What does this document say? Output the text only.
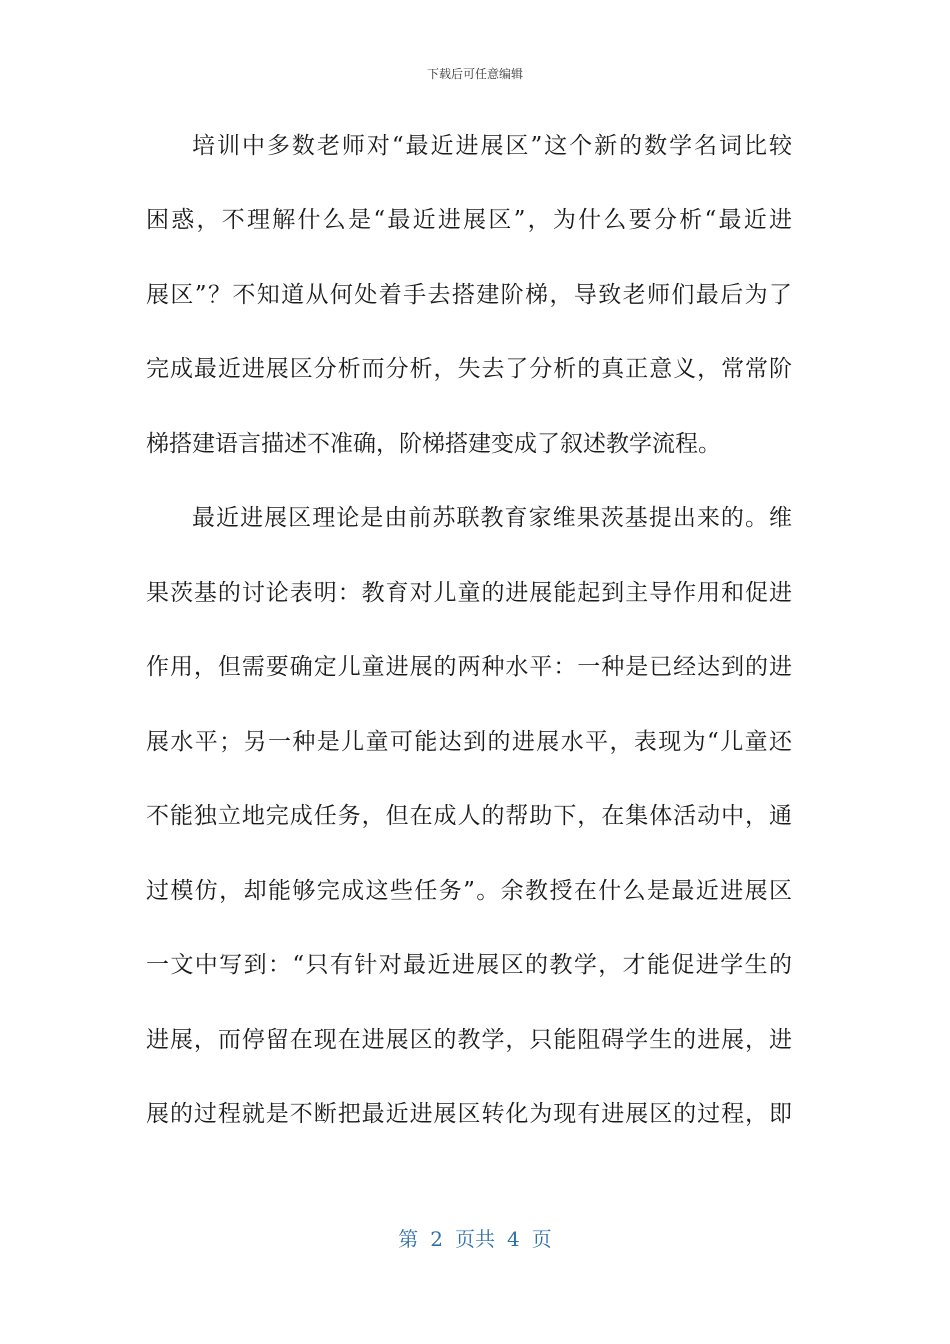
下载后可任意编辑
培训中多数老师对“最近进展区”这个新的数学名词比较
困惑，不理解什么是“最近进展区”，为什么要分析“最近进
展区”？不知道从何处着手去搭建阶梯，导致老师们最后为了
完成最近进展区分析而分析，失去了分析的真正意义，常常阶
梯搭建语言描述不准确，阶梯搭建变成了叙述教学流程。
最近进展区理论是由前苏联教育家维果茨基提出来的。维
果茨基的讨论表明：教育对儿童的进展能起到主导作用和促进
作用，但需要确定儿童进展的两种水平：一种是已经达到的进
展水平；另一种是儿童可能达到的进展水平，表现为“儿童还
不能独立地完成任务，但在成人的帮助下，在集体活动中，通
过模仿，却能够完成这些任务”。余教授在什么是最近进展区
一文中写到：“只有针对最近进展区的教学，才能促进学生的
进展，而停留在现在进展区的教学，只能阻碍学生的进展，进
展的过程就是不断把最近进展区转化为现有进展区的过程，即
第 2 页共 4 页
